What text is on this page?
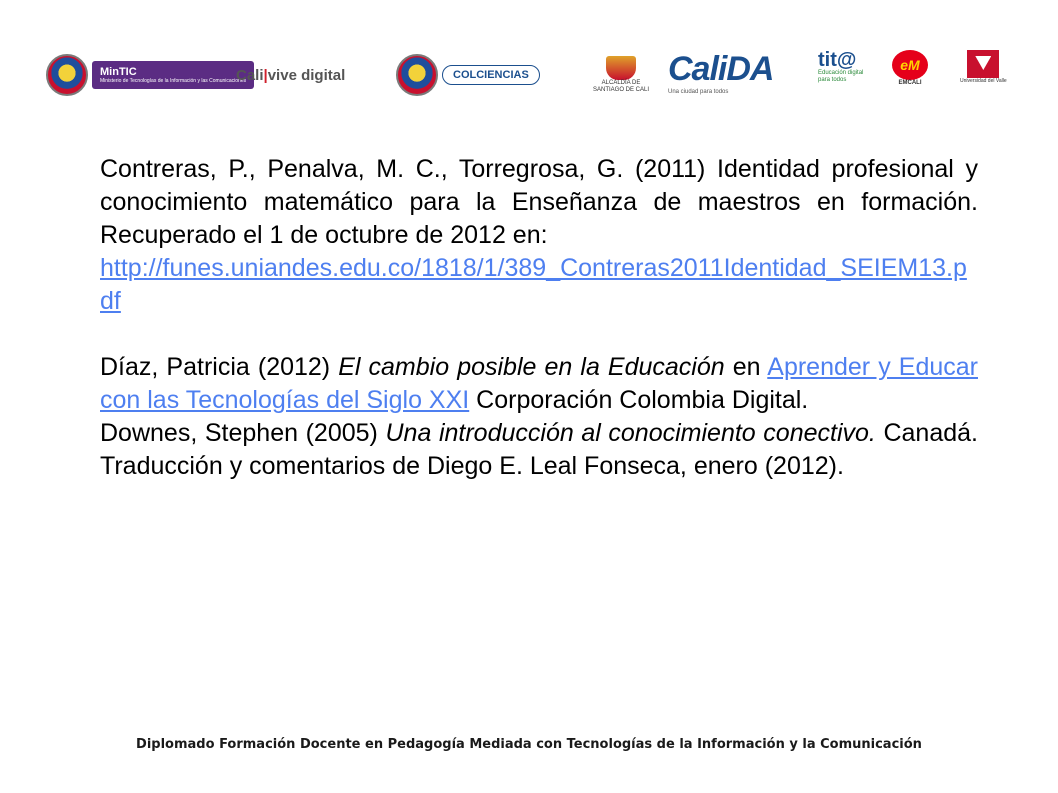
MinTIC
Ministerio de Tecnologías de la Información y las Comunicaciones
Cali | vive digital	COLCIENCIAS
ALCALDÍA DE SANTIAGO DE CALI
CaliDA
Una ciudad para todos
tit@
Educación digital para todos
eM
EMCALI	Universidad del Valle

Contreras, P., Penalva, M. C., Torregrosa, G. (2011) Identidad profesional y conocimiento matemático para la Enseñanza de maestros en formación. Recuperado el 1 de octubre de 2012 en:

http://funes.uniandes.edu.co/1818/1/389_Contreras2011Identidad_SEIEM13.pdf

Díaz, Patricia (2012) El cambio posible en la Educación en Aprender y Educar con las Tecnologías del Siglo XXI Corporación Colombia Digital.

Downes, Stephen (2005) Una introducción al conocimiento conectivo. Canadá. Traducción y comentarios de Diego E. Leal Fonseca, enero (2012).

Diplomado Formación Docente en Pedagogía Mediada con Tecnologías de la Información y la Comunicación
